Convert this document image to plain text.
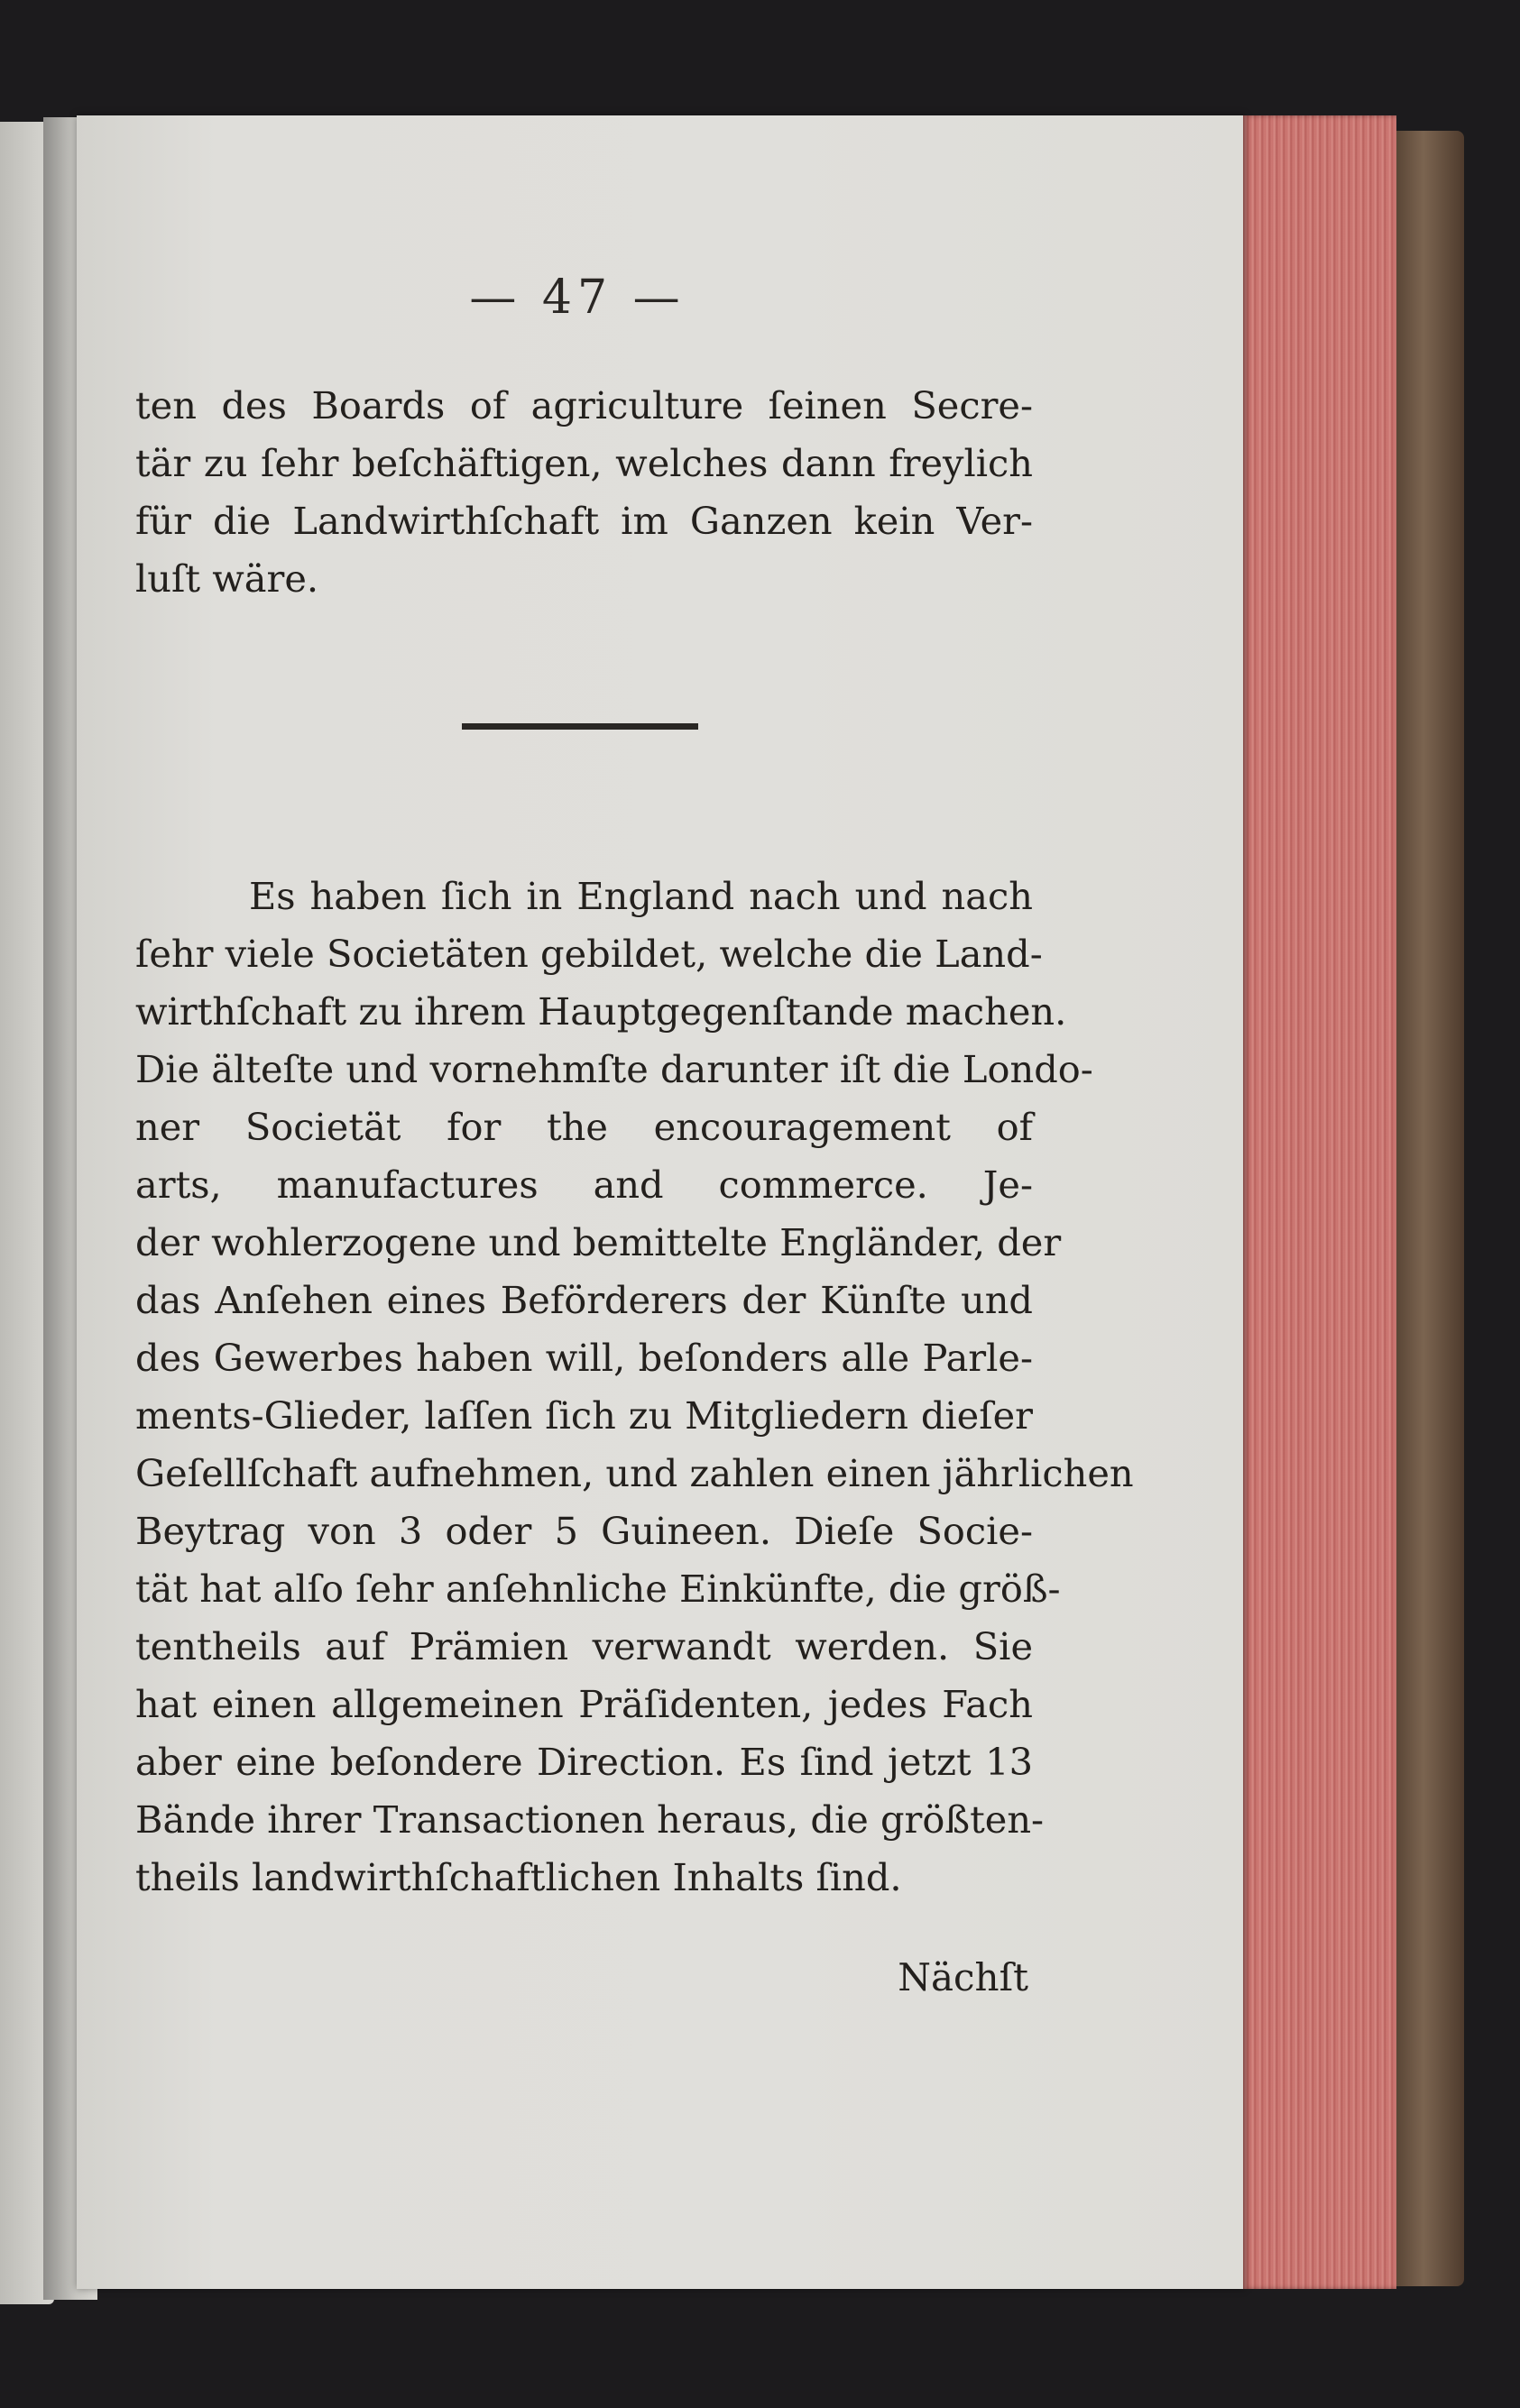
— 47 —
ten des Boards of agriculture ſeinen Secre-
tär zu ſehr beſchäftigen, welches dann freylich
für die Landwirthſchaft im Ganzen kein Ver-
luſt wäre.
Es haben ſich in England nach und nach
ſehr viele Societäten gebildet, welche die Land-
wirthſchaft zu ihrem Hauptgegenſtande machen.
Die älteſte und vornehmſte darunter iſt die Londo-
ner Societät for the encouragement of
arts, manufactures and commerce. Je-
der wohlerzogene und bemittelte Engländer, der
das Anſehen eines Beförderers der Künſte und
des Gewerbes haben will, beſonders alle Parle-
ments-Glieder, laſſen ſich zu Mitgliedern dieſer
Geſellſchaft aufnehmen, und zahlen einen jährlichen
Beytrag von 3 oder 5 Guineen. Dieſe Socie-
tät hat alſo ſehr anſehnliche Einkünfte, die größ-
tentheils auf Prämien verwandt werden. Sie
hat einen allgemeinen Präſidenten, jedes Fach
aber eine beſondere Direction. Es ſind jetzt 13
Bände ihrer Transactionen heraus, die größten-
theils landwirthſchaftlichen Inhalts ſind.
Nächſt
